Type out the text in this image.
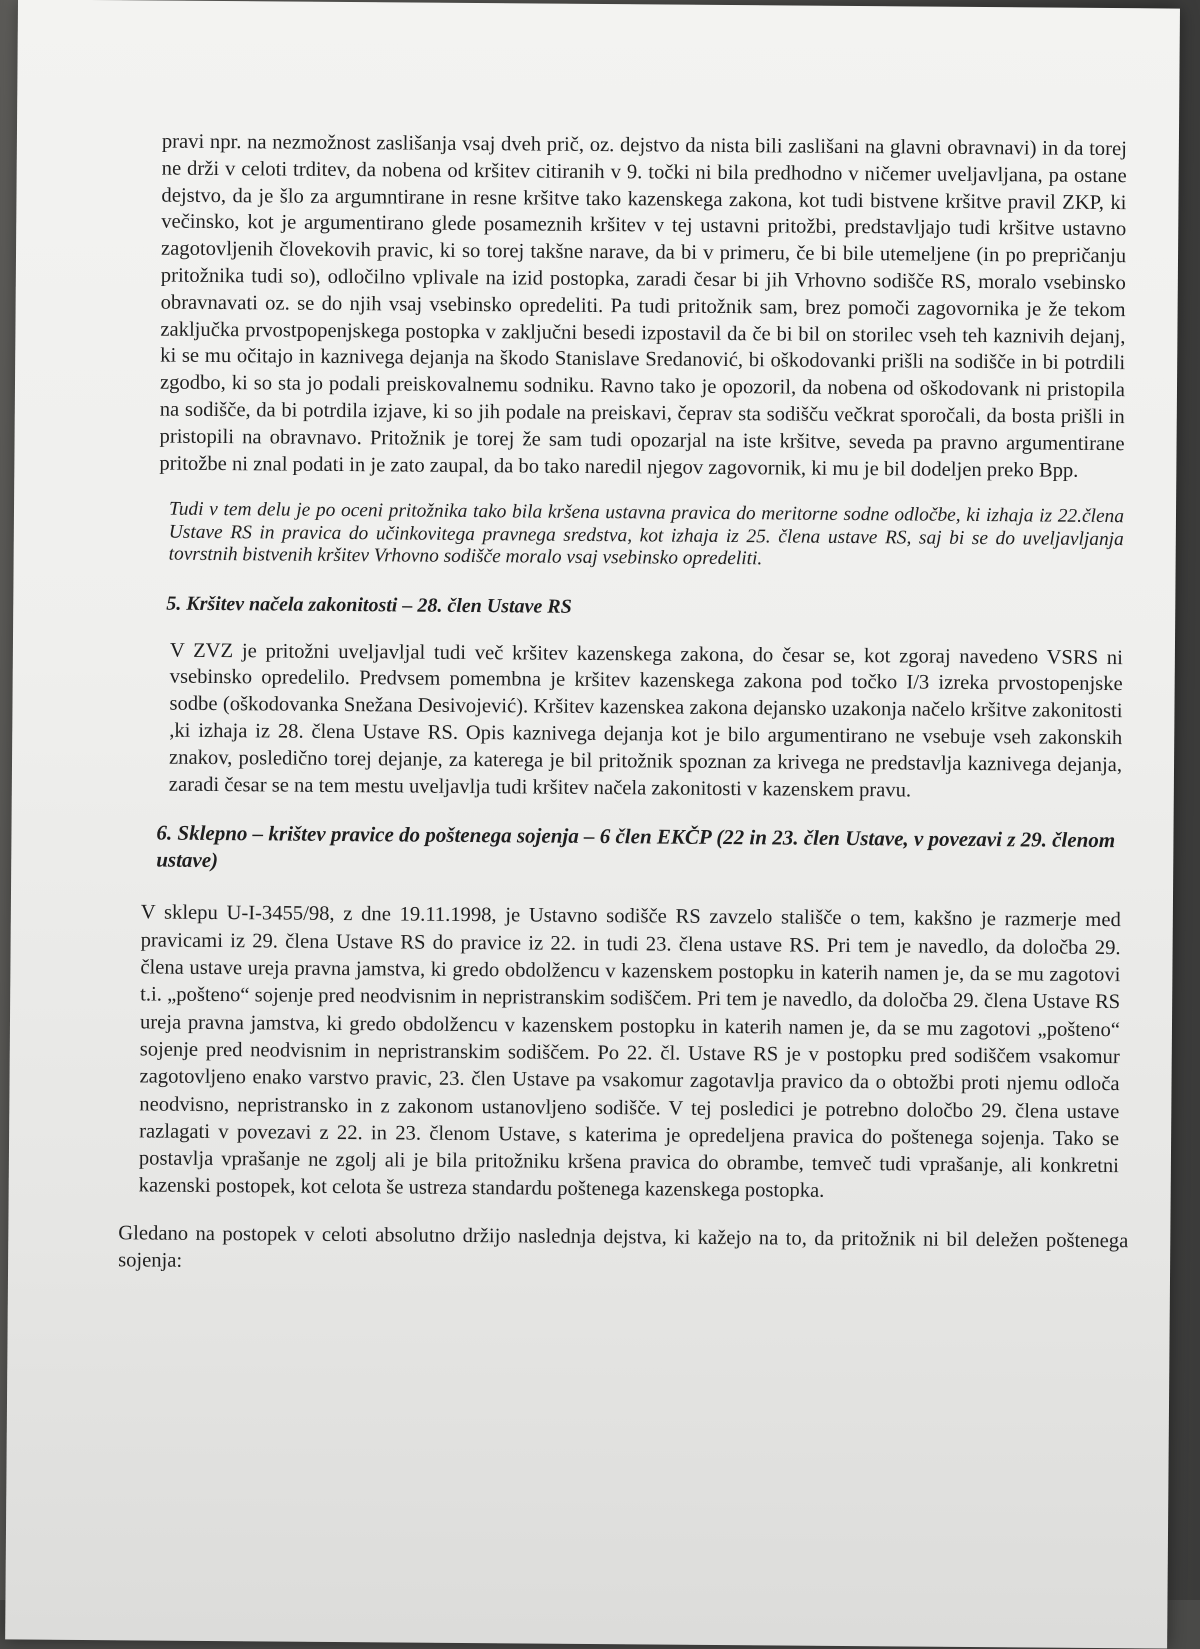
pravi npr. na nezmožnost zaslišanja vsaj dveh prič, oz. dejstvo da nista bili zaslišani na glavni obravnavi) in da torej ne drži v celoti trditev, da nobena od kršitev citiranih v 9. točki ni bila predhodno v ničemer uveljavljana, pa ostane dejstvo, da je šlo za argumntirane in resne kršitve tako kazenskega zakona, kot tudi bistvene kršitve pravil ZKP, ki večinsko, kot je argumentirano glede posameznih kršitev v tej ustavni pritožbi, predstavljajo tudi kršitve ustavno zagotovljenih človekovih pravic, ki so torej takšne narave, da bi v primeru, če bi bile utemeljene (in po prepričanju pritožnika tudi so), odločilno vplivale na izid postopka, zaradi česar bi jih Vrhovno sodišče RS, moralo vsebinsko obravnavati oz. se do njih vsaj vsebinsko opredeliti. Pa tudi pritožnik sam, brez pomoči zagovornika je že tekom zaključka prvostpopenjskega postopka v zaključni besedi izpostavil da če bi bil on storilec vseh teh kaznivih dejanj, ki se mu očitajo in kaznivega dejanja na škodo Stanislave Sredanović, bi oškodovanki prišli na sodišče in bi potrdili zgodbo, ki so sta jo podali preiskovalnemu sodniku. Ravno tako je opozoril, da nobena od oškodovank ni pristopila na sodišče, da bi potrdila izjave, ki so jih podale na preiskavi, čeprav sta sodišču večkrat sporočali, da bosta prišli in pristopili na obravnavo. Pritožnik je torej že sam tudi opozarjal na iste kršitve, seveda pa pravno argumentirane pritožbe ni znal podati in je zato zaupal, da bo tako naredil njegov zagovornik, ki mu je bil dodeljen preko Bpp.

Tudi v tem delu je po oceni pritožnika tako bila kršena ustavna pravica do meritorne sodne odločbe, ki izhaja iz 22.člena Ustave RS in pravica do učinkovitega pravnega sredstva, kot izhaja iz 25. člena ustave RS, saj bi se do uveljavljanja tovrstnih bistvenih kršitev Vrhovno sodišče moralo vsaj vsebinsko opredeliti.

5. Kršitev načela zakonitosti – 28. člen Ustave RS

V ZVZ je pritožni uveljavljal tudi več kršitev kazenskega zakona, do česar se, kot zgoraj navedeno VSRS ni vsebinsko opredelilo. Predvsem pomembna je kršitev kazenskega zakona pod točko I/3 izreka prvostopenjske sodbe (oškodovanka Snežana Desivojević). Kršitev kazenskea zakona dejansko uzakonja načelo kršitve zakonitosti ,ki izhaja iz 28. člena Ustave RS. Opis kaznivega dejanja kot je bilo argumentirano ne vsebuje vseh zakonskih znakov, posledično torej dejanje, za katerega je bil pritožnik spoznan za krivega ne predstavlja kaznivega dejanja, zaradi česar se na tem mestu uveljavlja tudi kršitev načela zakonitosti v kazenskem pravu.

6. Sklepno – krištev pravice do poštenega sojenja – 6 člen EKČP (22 in 23. člen Ustave, v povezavi z 29. členom ustave)

V sklepu U-I-3455/98, z dne 19.11.1998, je Ustavno sodišče RS zavzelo stališče o tem, kakšno je razmerje med pravicami iz 29. člena Ustave RS do pravice iz 22. in tudi 23. člena ustave RS. Pri tem je navedlo, da določba 29. člena ustave ureja pravna jamstva, ki gredo obdolžencu v kazenskem postopku in katerih namen je, da se mu zagotovi t.i. „pošteno“ sojenje pred neodvisnim in nepristranskim sodiščem. Pri tem je navedlo, da določba 29. člena Ustave RS ureja pravna jamstva, ki gredo obdolžencu v kazenskem postopku in katerih namen je, da se mu zagotovi „pošteno“ sojenje pred neodvisnim in nepristranskim sodiščem. Po 22. čl. Ustave RS je v postopku pred sodiščem vsakomur zagotovljeno enako varstvo pravic, 23. člen Ustave pa vsakomur zagotavlja pravico da o obtožbi proti njemu odloča neodvisno, nepristransko in z zakonom ustanovljeno sodišče. V tej posledici je potrebno določbo 29. člena ustave razlagati v povezavi z 22. in 23. členom Ustave, s katerima je opredeljena pravica do poštenega sojenja. Tako se postavlja vprašanje ne zgolj ali je bila pritožniku kršena pravica do obrambe, temveč tudi vprašanje, ali konkretni kazenski postopek, kot celota še ustreza standardu poštenega kazenskega postopka.

Gledano na postopek v celoti absolutno držijo naslednja dejstva, ki kažejo na to, da pritožnik ni bil deležen poštenega sojenja:
